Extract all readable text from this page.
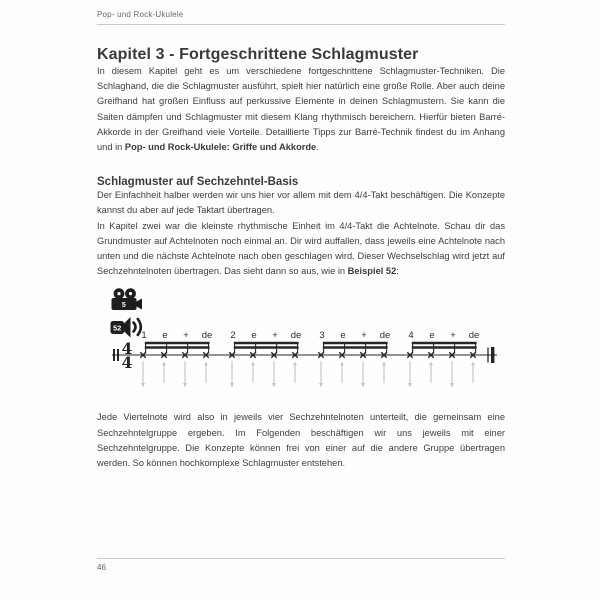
Pop- und Rock-Ukulele
Kapitel 3 - Fortgeschrittene Schlagmuster

In diesem Kapitel geht es um verschiedene fortgeschrittene Schlagmuster-Techniken. Die Schlaghand, die die Schlagmuster ausführt, spielt hier natürlich eine große Rolle. Aber auch deine Greifhand hat großen Einfluss auf perkussive Elemente in deinen Schlagmustern. Sie kann die Saiten dämpfen und Schlagmuster mit diesem Klang rhythmisch bereichern. Hierfür bieten Barré-Akkorde in der Greifhand viele Vorteile. Detaillierte Tipps zur Barré-Technik findest du im Anhang und in Pop- und Rock-Ukulele: Griffe und Akkorde.

Schlagmuster auf Sechzehntel-Basis

Der Einfachheit halber werden wir uns hier vor allem mit dem 4/4-Takt beschäftigen. Die Konzepte kannst du aber auf jede Taktart übertragen.

In Kapitel zwei war die kleinste rhythmische Einheit im 4/4-Takt die Achtelnote. Schau dir das Grundmuster auf Achtelnoten noch einmal an. Dir wird auffallen, dass jeweils eine Achtelnote nach unten und die nächste Achtelnote nach oben geschlagen wird. Dieser Wechselschlag wird jetzt auf Sechzehntelnoten übertragen. Das sieht dann so aus, wie in Beispiel 52:

5
52
4
4
1 e + de 2 e + de 3 e + de 4 e + de

Jede Viertelnote wird also in jeweils vier Sechzehntelnoten unterteilt, die gemeinsam eine Sechzehntelgruppe ergeben. Im Folgenden beschäftigen wir uns jeweils mit einer Sechzehntelgruppe. Die Konzepte können frei von einer auf die andere Gruppe übertragen werden. So können hochkomplexe Schlagmuster entstehen.

46
